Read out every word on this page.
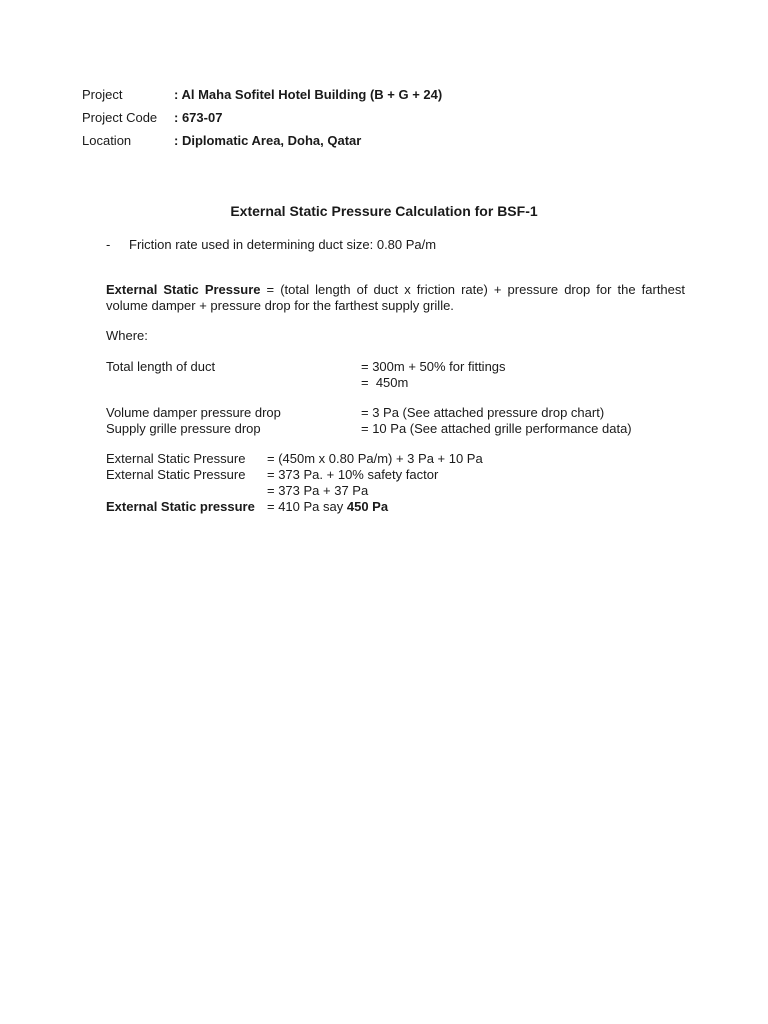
Project	: Al Maha Sofitel Hotel Building (B + G + 24)
Project Code : 673-07
Location	: Diplomatic Area, Doha, Qatar
External Static Pressure Calculation for BSF-1
- Friction rate used in determining duct size: 0.80 Pa/m
External Static Pressure = (total length of duct x friction rate) + pressure drop for the farthest volume damper + pressure drop for the farthest supply grille.
Where:
Total length of duct	= 300m + 50% for fittings
=  450m
Volume damper pressure drop	= 3 Pa (See attached pressure drop chart)
Supply grille pressure drop	= 10 Pa (See attached grille performance data)
External Static Pressure = (450m x 0.80 Pa/m) + 3 Pa + 10 Pa
External Static Pressure = 373 Pa. + 10% safety factor
= 373 Pa + 37 Pa
External Static pressure = 410 Pa say 450 Pa
